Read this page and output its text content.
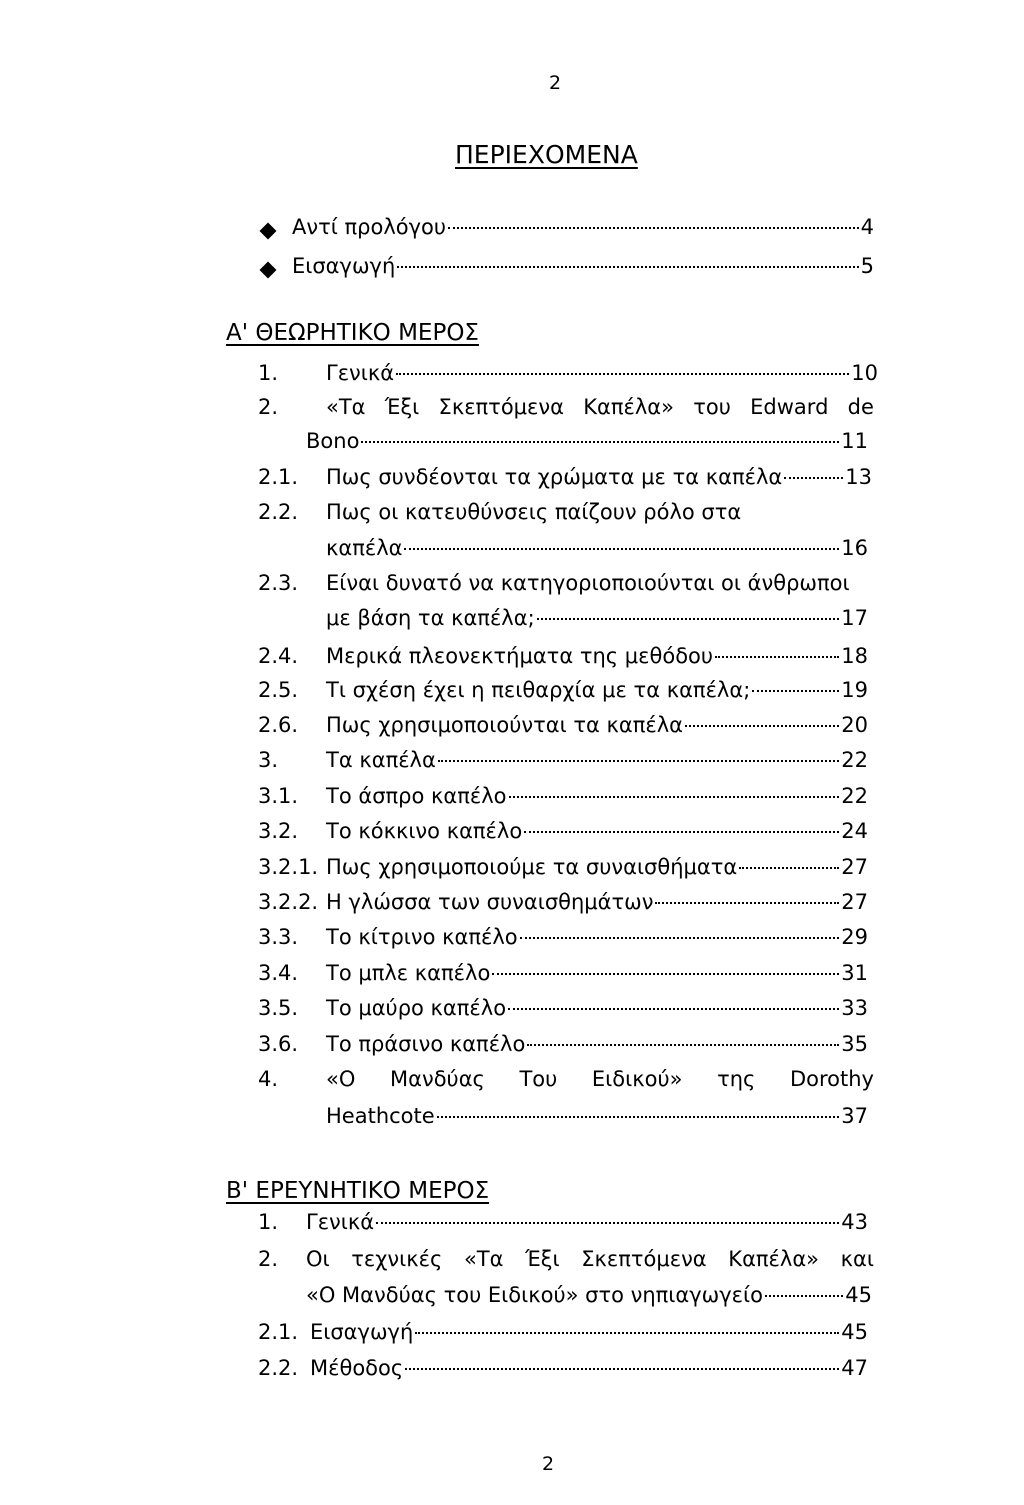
2
ΠΕΡΙΕΧΟΜΕΝΑ
Αντί προλόγου	4
Εισαγωγή	5
Α' ΘΕΩΡΗΤΙΚΟ ΜΕΡΟΣ
1.	Γενικά	10
2.	«Τα Έξι Σκεπτόμενα Καπέλα» του Edward de
Bono	11
2.1.	Πως συνδέονται τα χρώματα με τα καπέλα	13
2.2.	Πως οι κατευθύνσεις παίζουν ρόλο στα
καπέλα	16
2.3.	Είναι δυνατό να κατηγοριοποιούνται οι άνθρωποι
με βάση τα καπέλα;	17
2.4.	Μερικά πλεονεκτήματα της μεθόδου	18
2.5.	Τι σχέση έχει η πειθαρχία με τα καπέλα;	19
2.6.	Πως χρησιμοποιούνται τα καπέλα	20
3.	Τα καπέλα	22
3.1.	Το άσπρο καπέλο	22
3.2.	Το κόκκινο καπέλο	24
3.2.1. Πως χρησιμοποιούμε τα συναισθήματα	27
3.2.2. Η γλώσσα των συναισθημάτων	27
3.3.	Το κίτρινο καπέλο	29
3.4.	Το μπλε καπέλο	31
3.5.	Το μαύρο καπέλο	33
3.6.	Το πράσινο καπέλο	35
4.	«Ο Μανδύας Του Ειδικού» της Dorothy
Heathcote	37
Β' ΕΡΕΥΝΗΤΙΚΟ ΜΕΡΟΣ
1.	Γενικά	43
2.	Οι τεχνικές «Τα Έξι Σκεπτόμενα Καπέλα» και
«Ο Μανδύας του Ειδικού» στο νηπιαγωγείο	45
2.1. Εισαγωγή	45
2.2. Μέθοδος	47
2
